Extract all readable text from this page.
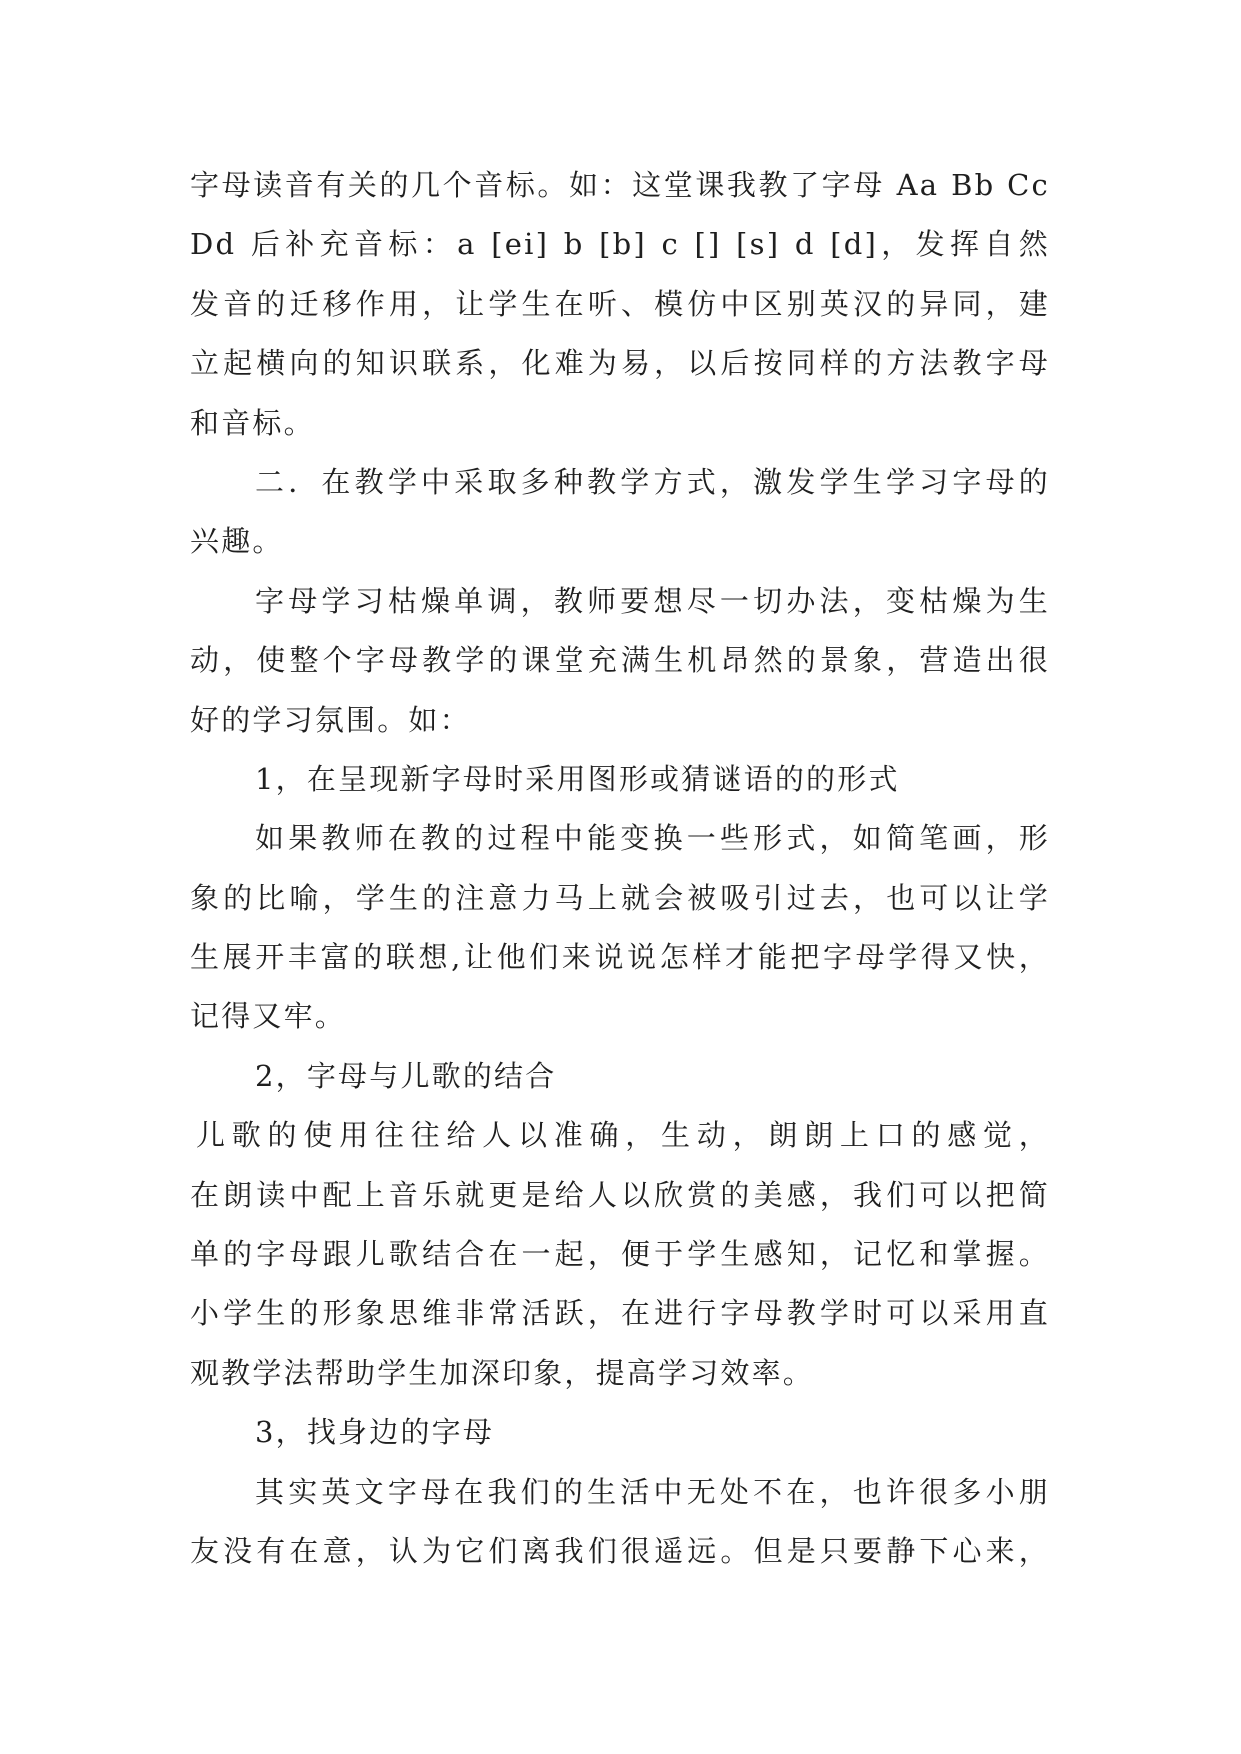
字母读音有关的几个音标。如：这堂课我教了字母 Aa Bb Cc
Dd 后补充音标：a [ei] b [b] c [] [s] d [d]，发挥自然
发音的迁移作用，让学生在听、模仿中区别英汉的异同，建
立起横向的知识联系，化难为易，以后按同样的方法教字母
和音标。
二．在教学中采取多种教学方式，激发学生学习字母的
兴趣。
字母学习枯燥单调，教师要想尽一切办法，变枯燥为生
动，使整个字母教学的课堂充满生机昂然的景象，营造出很
好的学习氛围。如：
1，在呈现新字母时采用图形或猜谜语的的形式
如果教师在教的过程中能变换一些形式，如简笔画，形
象的比喻，学生的注意力马上就会被吸引过去，也可以让学
生展开丰富的联想,让他们来说说怎样才能把字母学得又快，
记得又牢。
2，字母与儿歌的结合
儿歌的使用往往给人以准确，生动，朗朗上口的感觉，
在朗读中配上音乐就更是给人以欣赏的美感，我们可以把简
单的字母跟儿歌结合在一起，便于学生感知，记忆和掌握。
小学生的形象思维非常活跃，在进行字母教学时可以采用直
观教学法帮助学生加深印象，提高学习效率。
3，找身边的字母
其实英文字母在我们的生活中无处不在，也许很多小朋
友没有在意，认为它们离我们很遥远。但是只要静下心来，
